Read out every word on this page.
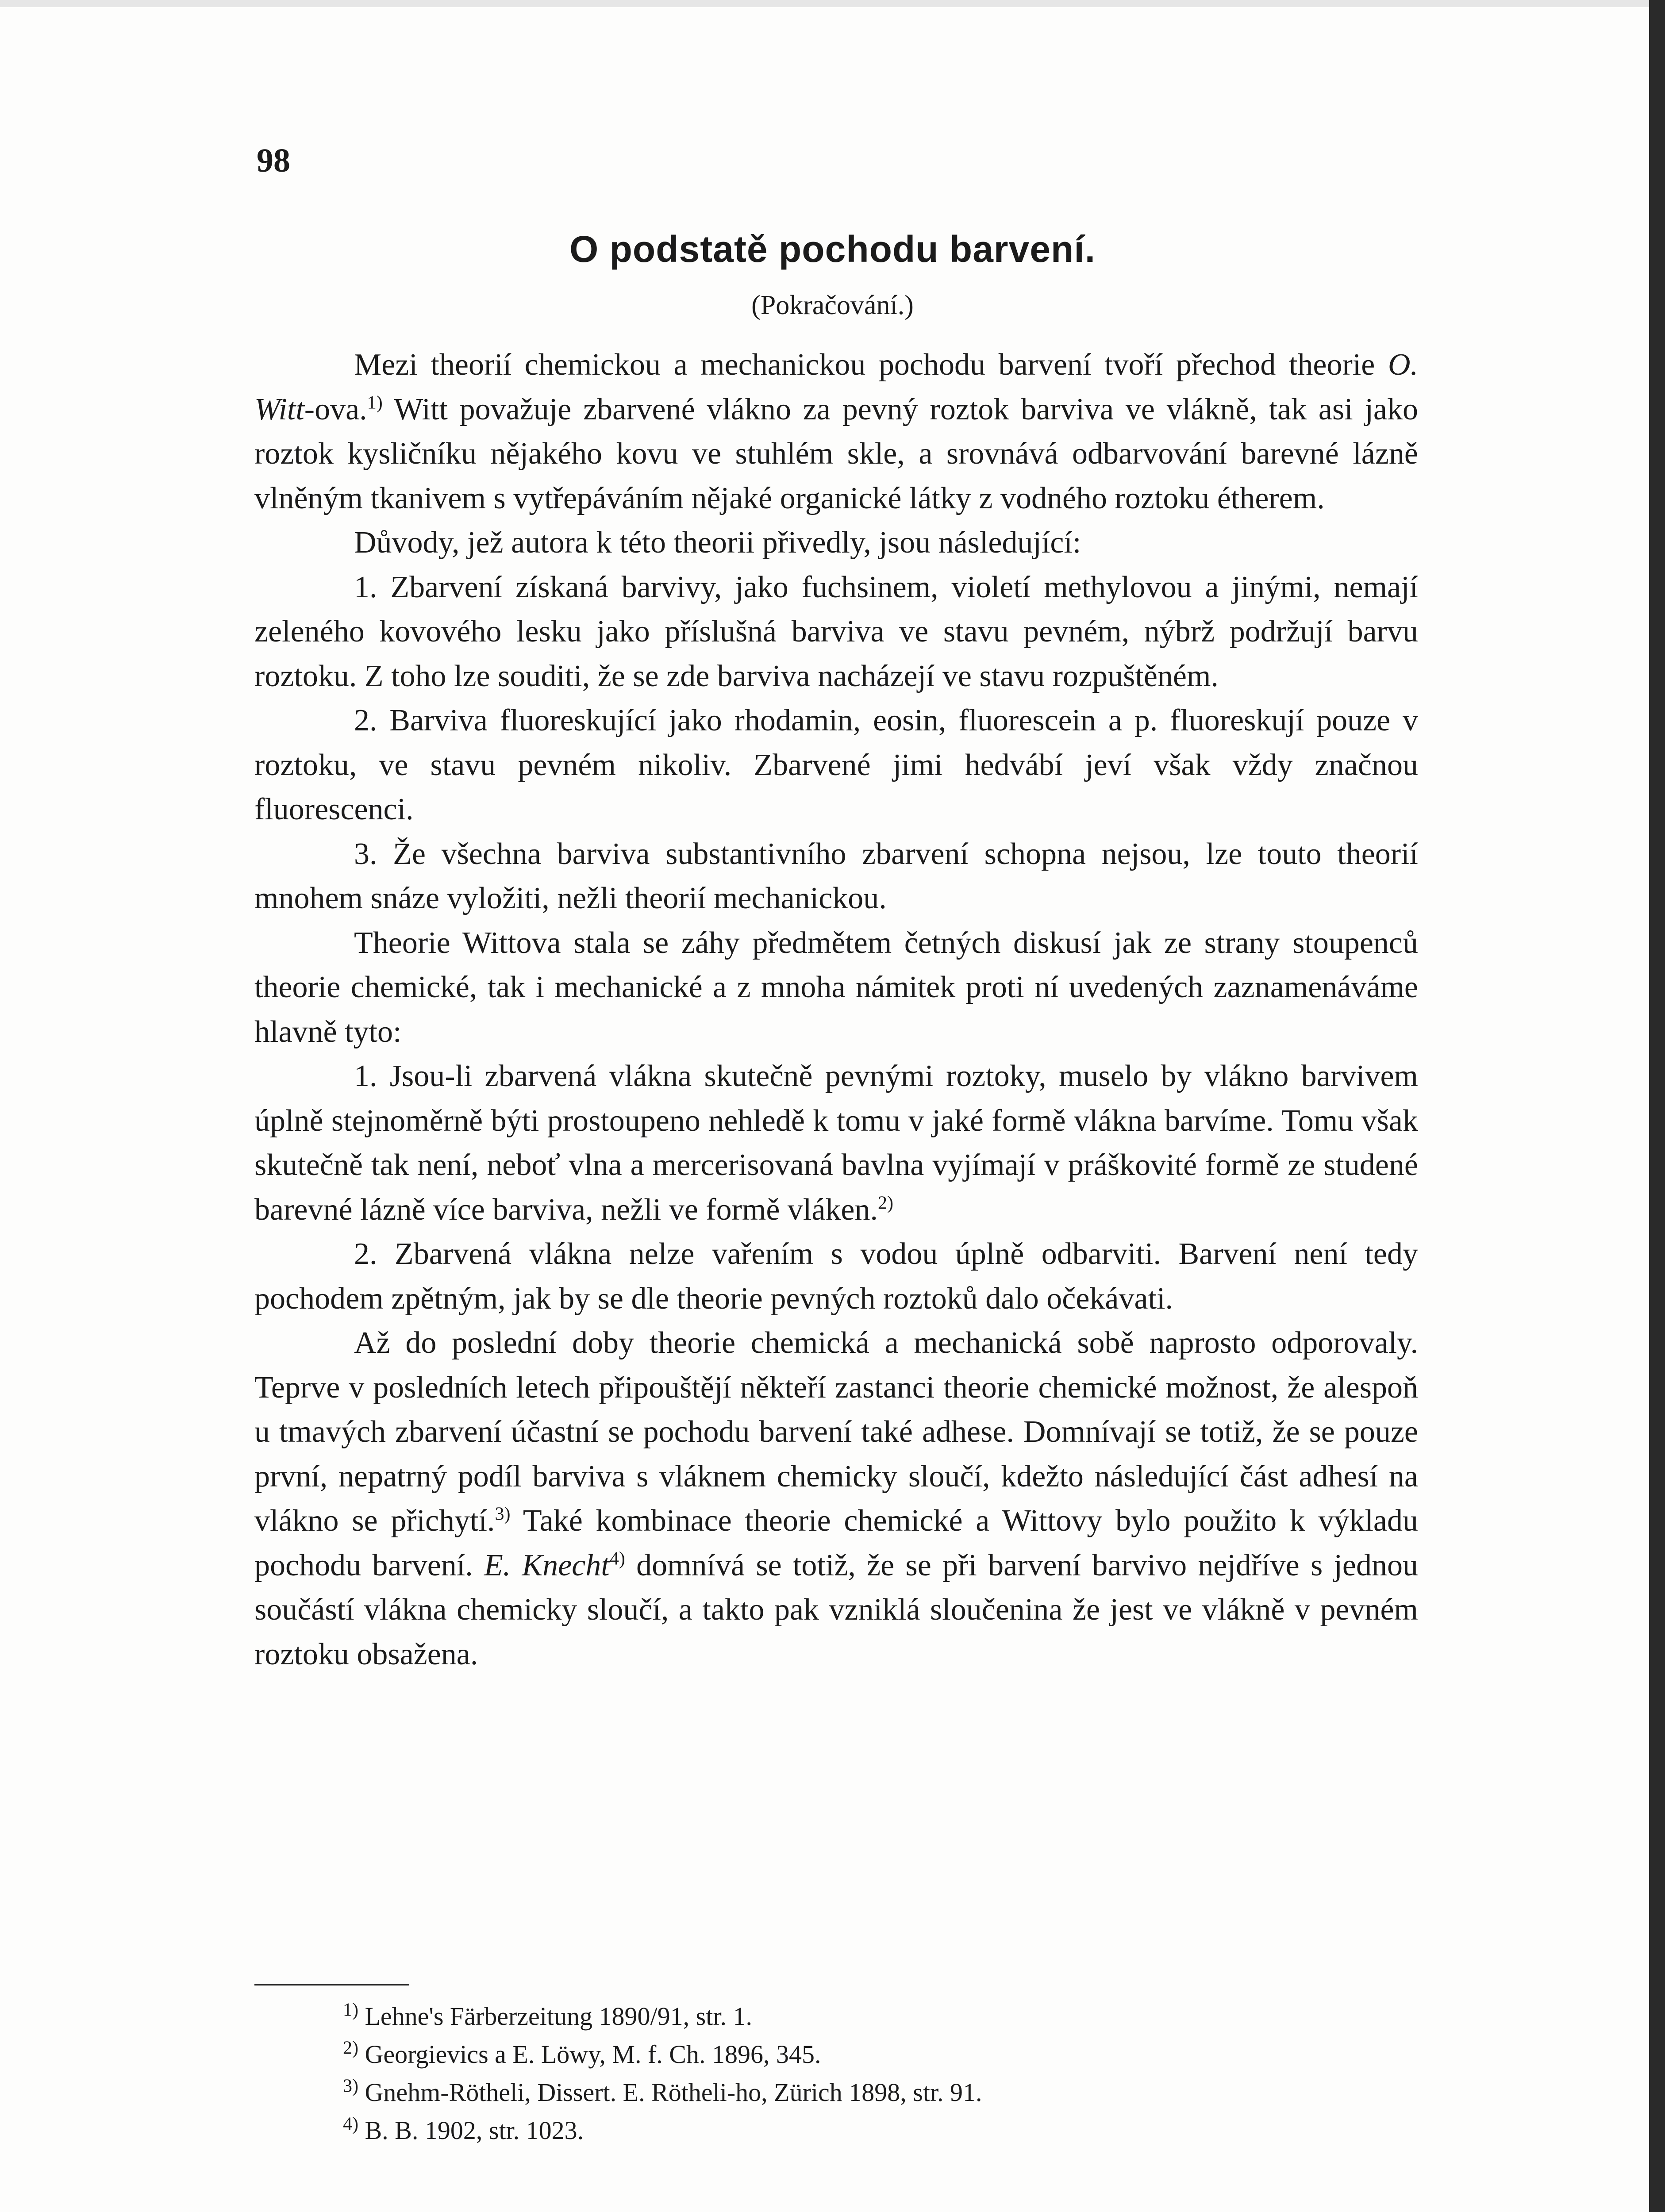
98
O podstatě pochodu barvení.
(Pokračování.)

Mezi theorií chemickou a mechanickou pochodu barvení tvoří přechod theorie O. Witt-ova.$^{1)}$ Witt považuje zbarvené vlákno za pevný roztok barviva ve vlákně, tak asi jako roztok kysličníku nějakého kovu ve stuhlém skle, a srovnává odbarvování barevné lázně vlněným tkanivem s vytřepáváním nějaké organické látky z vodného roztoku étherem.

Důvody, jež autora k této theorii přivedly, jsou následující:

1. Zbarvení získaná barvivy, jako fuchsinem, violetí methylovou a jinými, nemají zeleného kovového lesku jako příslušná barviva ve stavu pevném, nýbrž podržují barvu roztoku. Z toho lze souditi, že se zde barviva nacházejí ve stavu rozpuštěném.

2. Barviva fluoreskující jako rhodamin, eosin, fluorescein a p. fluoreskují pouze v roztoku, ve stavu pevném nikoliv. Zbarvené jimi hedvábí jeví však vždy značnou fluorescenci.

3. Že všechna barviva substantivního zbarvení schopna nejsou, lze touto theorií mnohem snáze vyložiti, nežli theorií mechanickou.

Theorie Wittova stala se záhy předmětem četných diskusí jak ze strany stoupenců theorie chemické, tak i mechanické a z mnoha námitek proti ní uvedených zaznamenáváme hlavně tyto:

1. Jsou-li zbarvená vlákna skutečně pevnými roztoky, muselo by vlákno barvivem úplně stejnoměrně býti prostoupeno nehledě k tomu v jaké formě vlákna barvíme. Tomu však skutečně tak není, neboť vlna a mercerisovaná bavlna vyjímají v práškovité formě ze studené barevné lázně více barviva, nežli ve formě vláken.$^{2)}$

2. Zbarvená vlákna nelze vařením s vodou úplně odbarviti. Barvení není tedy pochodem zpětným, jak by se dle theorie pevných roztoků dalo očekávati.

Až do poslední doby theorie chemická a mechanická sobě naprosto odporovaly. Teprve v posledních letech připouštějí někteří zastanci theorie chemické možnost, že alespoň u tmavých zbarvení účastní se pochodu barvení také adhese. Domnívají se totiž, že se pouze první, nepatrný podíl barviva s vláknem chemicky sloučí, kdežto následující část adhesí na vlákno se přichytí.$^{3)}$ Také kombinace theorie chemické a Wittovy bylo použito k výkladu pochodu barvení. E. Knecht$^{4)}$ domnívá se totiž, že se při barvení barvivo nejdříve s jednou součástí vlákna chemicky sloučí, a takto pak vzniklá sloučenina že jest ve vlákně v pevném roztoku obsažena.

$^{1)}$ Lehne's Färberzeitung 1890/91, str. 1.
$^{2)}$ Georgievics a E. Löwy, M. f. Ch. 1896, 345.
$^{3)}$ Gnehm-Rötheli, Dissert. E. Rötheli-ho, Zürich 1898, str. 91.
$^{4)}$ B. B. 1902, str. 1023.
